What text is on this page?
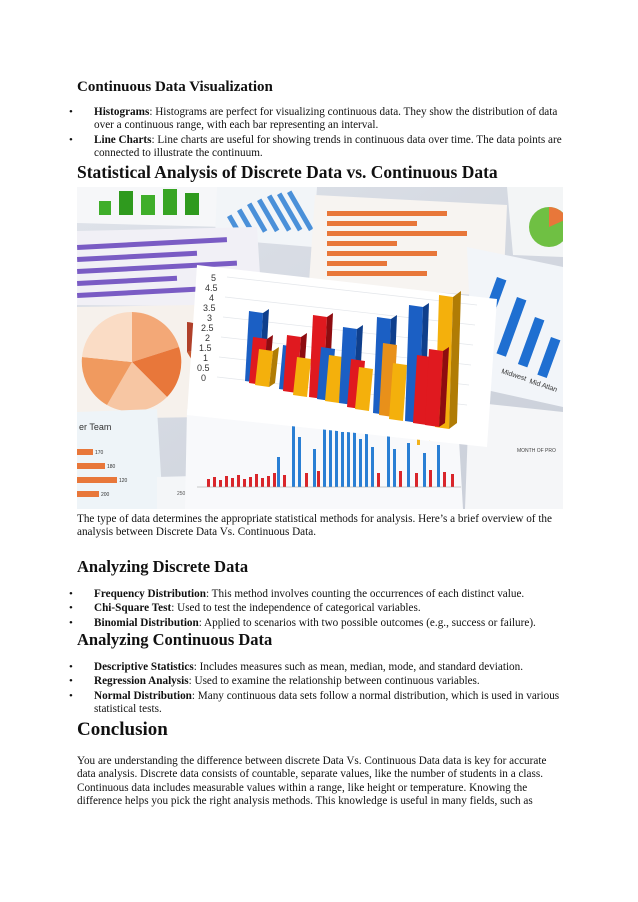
Continuous Data Visualization
• Histograms: Histograms are perfect for visualizing continuous data. They show the distribution of data over a continuous range, with each bar representing an interval.
• Line Charts: Line charts are useful for showing trends in continuous data over time. The data points are connected to illustrate the continuum.
Statistical Analysis of Discrete Data vs. Continuous Data
er Team
170
180
120
200	250
Midwest
Mid Atlan
MONTH OF PRO
5
4.5
4
3.5
3
2.5
2
1.5
1
0.5
0

The type of data determines the appropriate statistical methods for analysis. Here’s a brief overview of the analysis between Discrete Data Vs. Continuous Data.

Analyzing Discrete Data
• Frequency Distribution: This method involves counting the occurrences of each distinct value.
• Chi-Square Test: Used to test the independence of categorical variables.
• Binomial Distribution: Applied to scenarios with two possible outcomes (e.g., success or failure).
Analyzing Continuous Data
• Descriptive Statistics: Includes measures such as mean, median, mode, and standard deviation.
• Regression Analysis: Used to examine the relationship between continuous variables.
• Normal Distribution: Many continuous data sets follow a normal distribution, which is used in various statistical tests.
Conclusion

You are understanding the difference between discrete Data Vs. Continuous Data data is key for accurate data analysis. Discrete data consists of countable, separate values, like the number of students in a class. Continuous data includes measurable values within a range, like height or temperature. Knowing the difference helps you pick the right analysis methods. This knowledge is useful in many fields, such as
